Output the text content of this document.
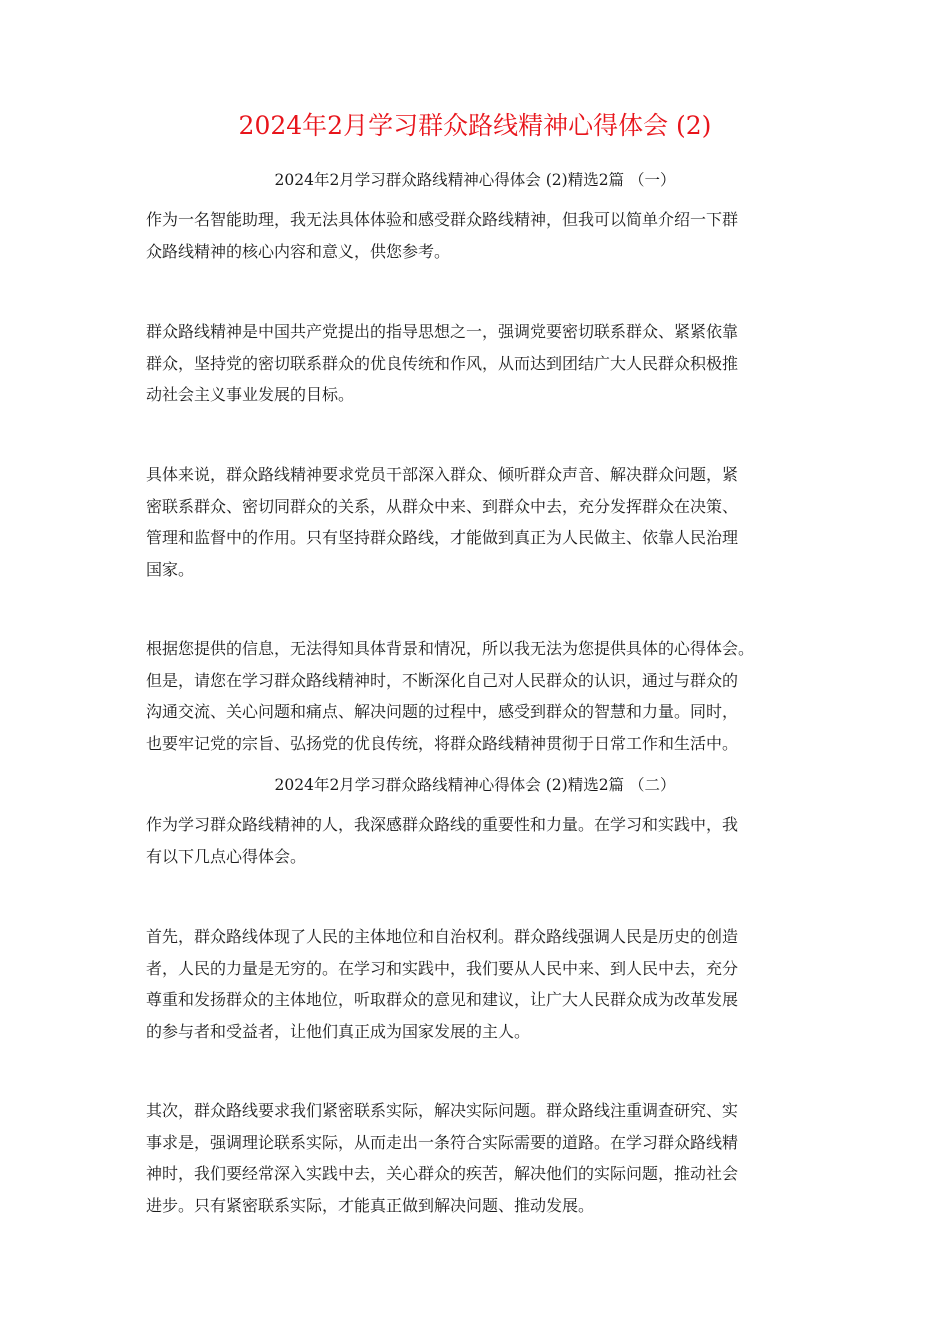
2024年2月学习群众路线精神心得体会 (2)
2024年2月学习群众路线精神心得体会 (2)精选2篇 （一）

作为一名智能助理，我无法具体体验和感受群众路线精神，但我可以简单介绍一下群
众路线精神的核心内容和意义，供您参考。

群众路线精神是中国共产党提出的指导思想之一，强调党要密切联系群众、紧紧依靠
群众，坚持党的密切联系群众的优良传统和作风，从而达到团结广大人民群众积极推
动社会主义事业发展的目标。

具体来说，群众路线精神要求党员干部深入群众、倾听群众声音、解决群众问题，紧
密联系群众、密切同群众的关系，从群众中来、到群众中去，充分发挥群众在决策、
管理和监督中的作用。只有坚持群众路线，才能做到真正为人民做主、依靠人民治理
国家。

根据您提供的信息，无法得知具体背景和情况，所以我无法为您提供具体的心得体会。
但是，请您在学习群众路线精神时，不断深化自己对人民群众的认识，通过与群众的
沟通交流、关心问题和痛点、解决问题的过程中，感受到群众的智慧和力量。同时，
也要牢记党的宗旨、弘扬党的优良传统，将群众路线精神贯彻于日常工作和生活中。

2024年2月学习群众路线精神心得体会 (2)精选2篇 （二）

作为学习群众路线精神的人，我深感群众路线的重要性和力量。在学习和实践中，我
有以下几点心得体会。

首先，群众路线体现了人民的主体地位和自治权利。群众路线强调人民是历史的创造
者，人民的力量是无穷的。在学习和实践中，我们要从人民中来、到人民中去，充分
尊重和发扬群众的主体地位，听取群众的意见和建议，让广大人民群众成为改革发展
的参与者和受益者，让他们真正成为国家发展的主人。

其次，群众路线要求我们紧密联系实际，解决实际问题。群众路线注重调查研究、实
事求是，强调理论联系实际，从而走出一条符合实际需要的道路。在学习群众路线精
神时，我们要经常深入实践中去，关心群众的疾苦，解决他们的实际问题，推动社会
进步。只有紧密联系实际，才能真正做到解决问题、推动发展。
